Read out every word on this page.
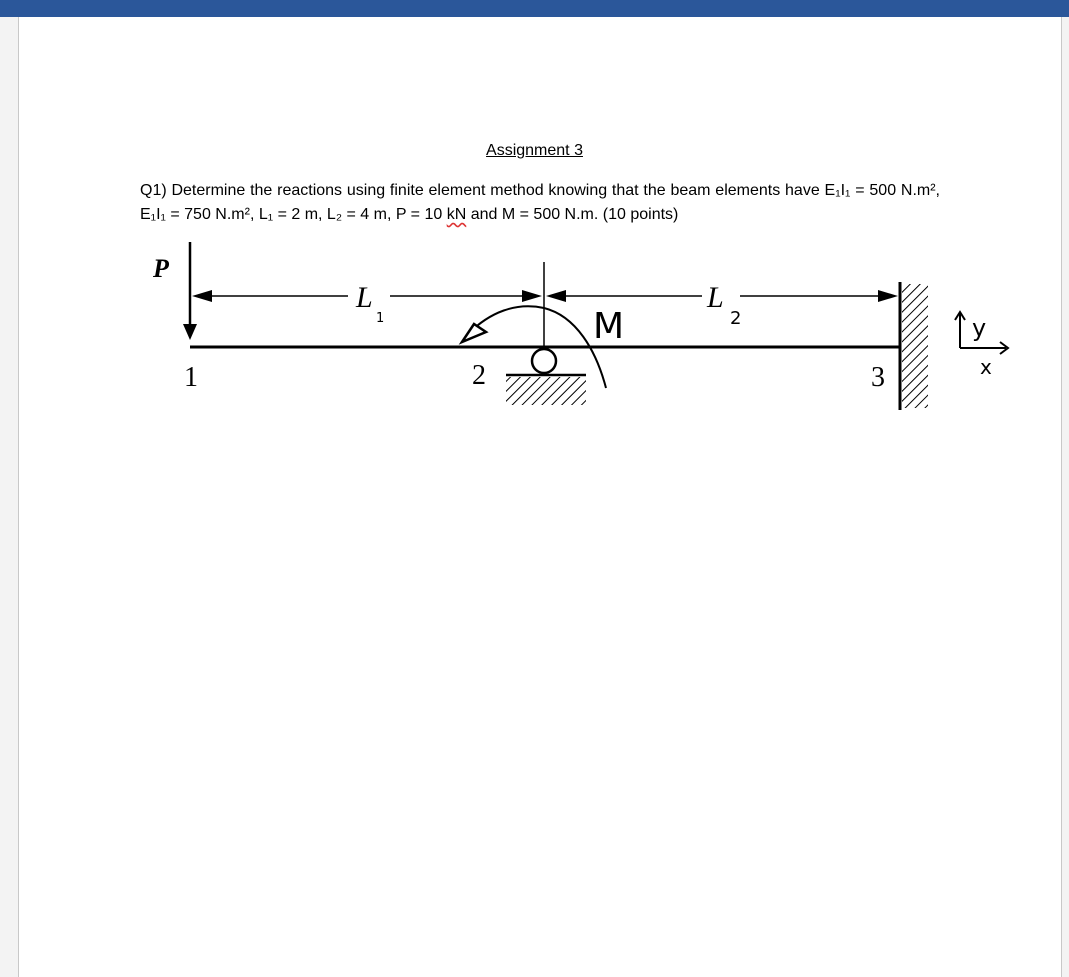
Assignment 3
Q1) Determine the reactions using finite element method knowing that the beam elements have E₁I₁ = 500 N.m², E₁I₁ = 750 N.m², L₁ = 2 m, L₂ = 4 m, P = 10 kN and M = 500 N.m. (10 points)
P
L
1
L
2
M
1	2	3
y
x
